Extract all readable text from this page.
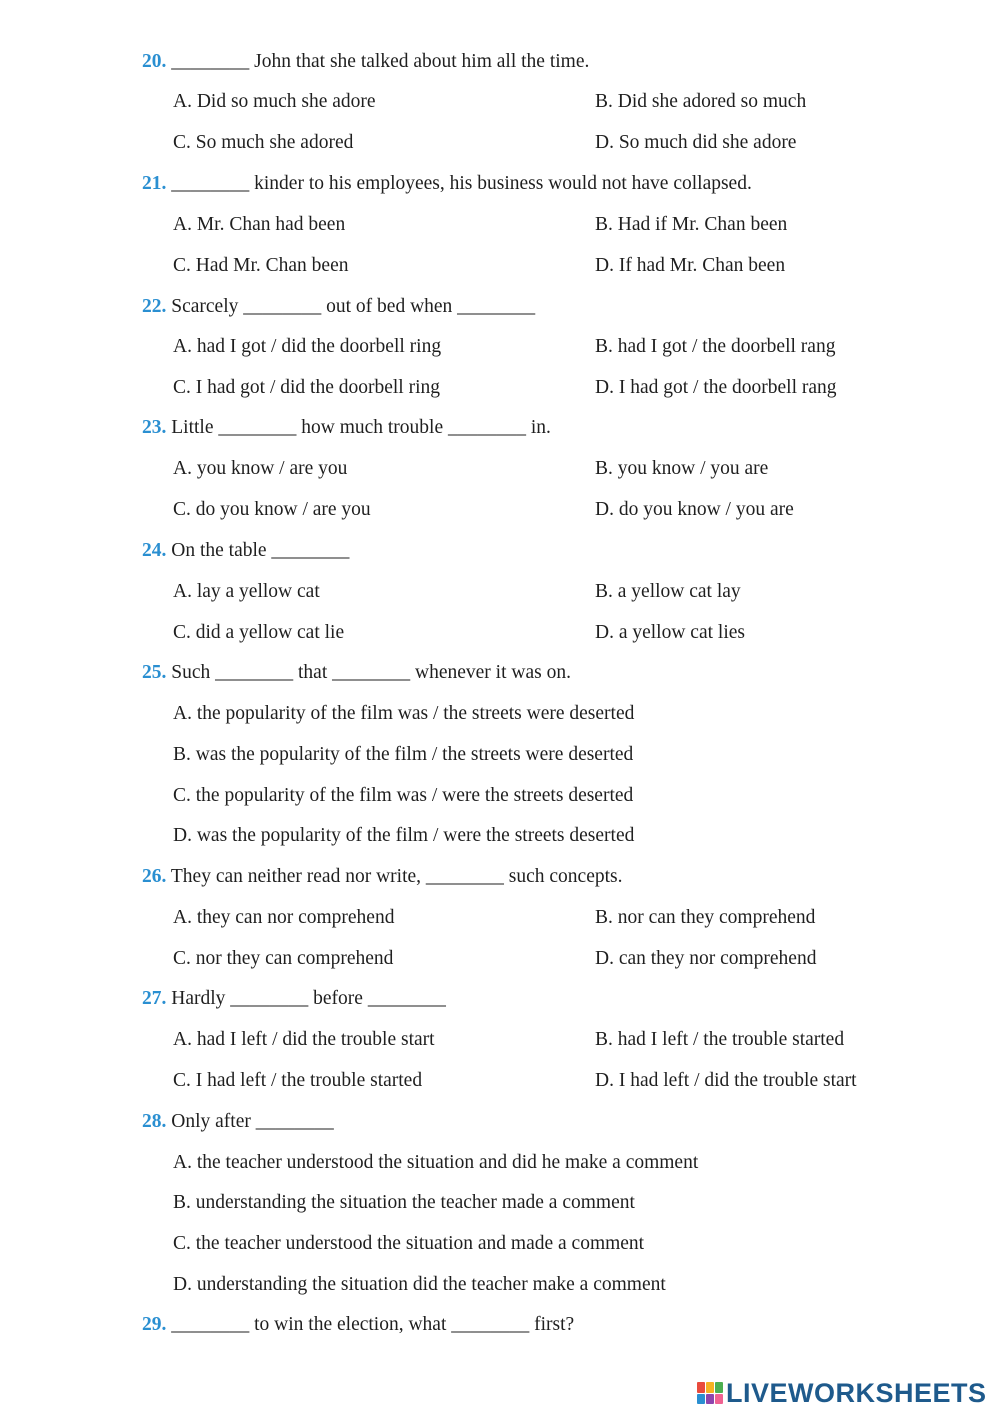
20. ________ John that she talked about him all the time.
A. Did so much she adore	B. Did she adored so much
C. So much she adored	D. So much did she adore
21. ________ kinder to his employees, his business would not have collapsed.
A. Mr. Chan had been	B. Had if Mr. Chan been
C. Had Mr. Chan been	D. If had Mr. Chan been
22. Scarcely ________ out of bed when ________
A. had I got / did the doorbell ring	B. had I got / the doorbell rang
C. I had got / did the doorbell ring	D. I had got / the doorbell rang
23. Little ________ how much trouble ________ in.
A. you know / are you	B. you know / you are
C. do you know / are you	D. do you know / you are
24. On the table ________
A. lay a yellow cat	B. a yellow cat lay
C. did a yellow cat lie	D. a yellow cat lies
25. Such ________ that ________ whenever it was on.
A. the popularity of the film was / the streets were deserted
B. was the popularity of the film / the streets were deserted
C. the popularity of the film was / were the streets deserted
D. was the popularity of the film / were the streets deserted
26. They can neither read nor write, ________ such concepts.
A. they can nor comprehend	B. nor can they comprehend
C. nor they can comprehend	D. can they nor comprehend
27. Hardly ________ before ________
A. had I left / did the trouble start	B. had I left / the trouble started
C. I had left / the trouble started	D. I had left / did the trouble start
28. Only after ________
A. the teacher understood the situation and did he make a comment
B. understanding the situation the teacher made a comment
C. the teacher understood the situation and made a comment
D. understanding the situation did the teacher make a comment
29. ________ to win the election, what ________ first?
LIVEWORKSHEETS
